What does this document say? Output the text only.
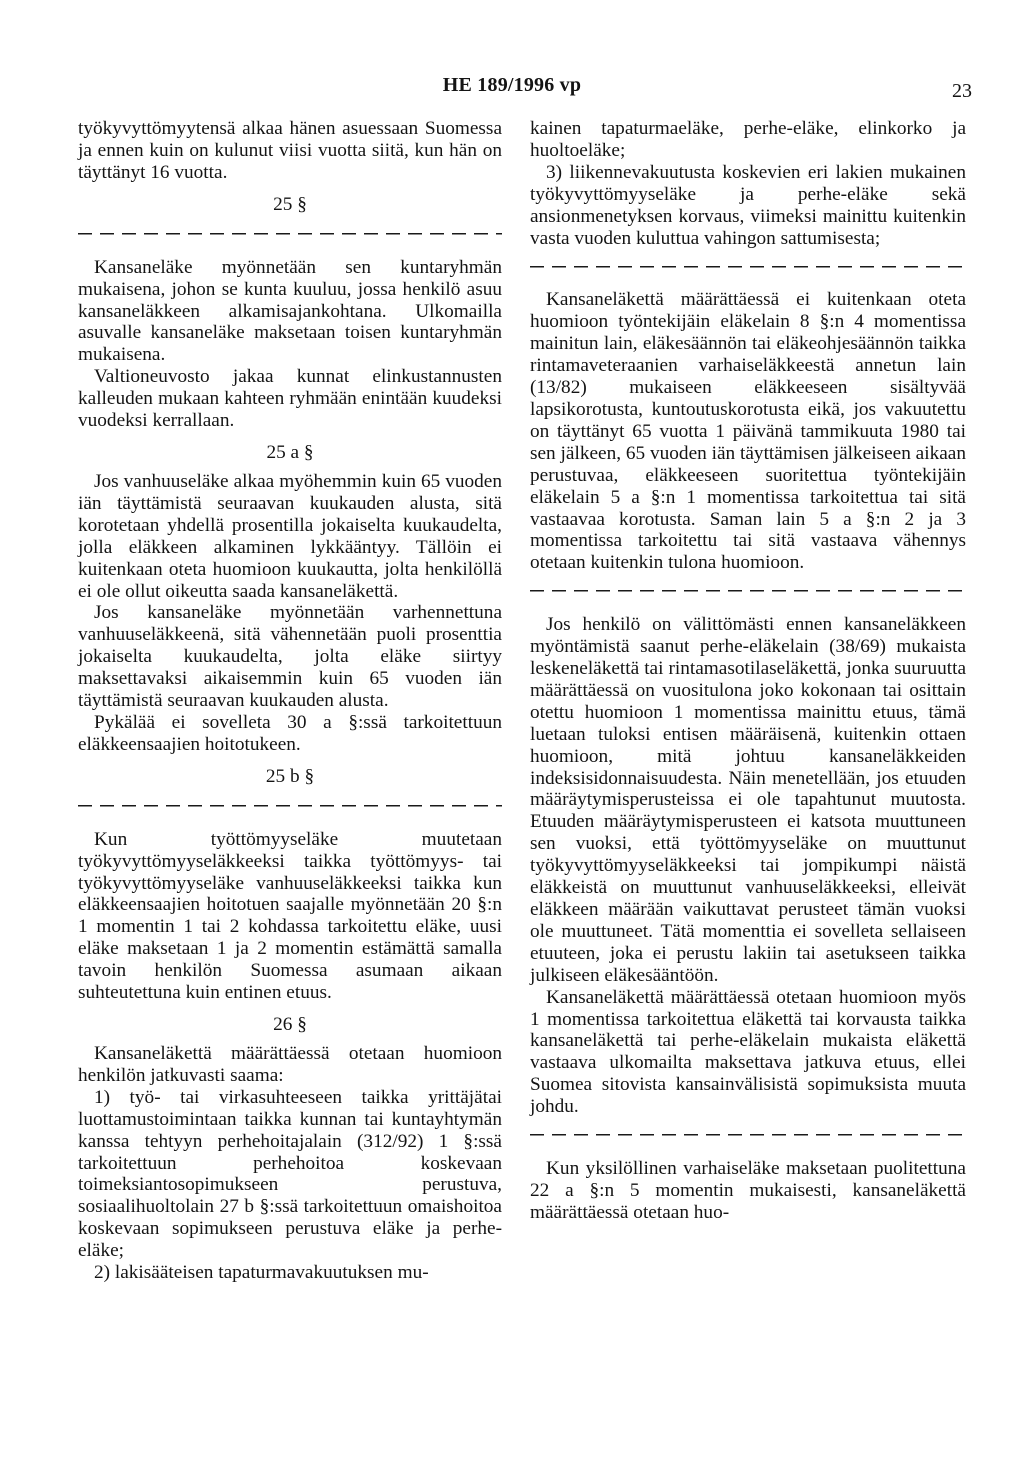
HE 189/1996 vp	23

työkyvyttömyytensä alkaa hänen asuessaan Suomessa ja ennen kuin on kulunut viisi vuotta siitä, kun hän on täyttänyt 16 vuotta.

25 §

Kansaneläke myönnetään sen kuntaryhmän mukaisena, johon se kunta kuuluu, jossa henkilö asuu kansaneläkkeen alkamisajankohtana. Ulkomailla asuvalle kansaneläke maksetaan toisen kuntaryhmän mukaisena.

Valtioneuvosto jakaa kunnat elinkustannusten kalleuden mukaan kahteen ryhmään enintään kuudeksi vuodeksi kerrallaan.

25 a §

Jos vanhuuseläke alkaa myöhemmin kuin 65 vuoden iän täyttämistä seuraavan kuukauden alusta, sitä korotetaan yhdellä prosentilla jokaiselta kuukaudelta, jolla eläkkeen alkaminen lykkääntyy. Tällöin ei kuitenkaan oteta huomioon kuukautta, jolta henkilöllä ei ole ollut oikeutta saada kansaneläkettä.

Jos kansaneläke myönnetään varhennettuna vanhuuseläkkeenä, sitä vähennetään puoli prosenttia jokaiselta kuukaudelta, jolta eläke siirtyy maksettavaksi aikaisemmin kuin 65 vuoden iän täyttämistä seuraavan kuukauden alusta.

Pykälää ei sovelleta 30 a §:ssä tarkoitettuun eläkkeensaajien hoitotukeen.

25 b §

Kun työttömyyseläke muutetaan työkyvyttömyyseläkkeeksi taikka työttömyys- tai työkyvyttömyyseläke vanhuuseläkkeeksi taikka kun eläkkeensaajien hoitotuen saajalle myönnetään 20 §:n 1 momentin 1 tai 2 kohdassa tarkoitettu eläke, uusi eläke maksetaan 1 ja 2 momentin estämättä samalla tavoin henkilön Suomessa asumaan aikaan suhteutettuna kuin entinen etuus.

26 §

Kansaneläkettä määrättäessä otetaan huomioon henkilön jatkuvasti saama:

1) työ- tai virkasuhteeseen taikka yrittäjätai luottamustoimintaan taikka kunnan tai kuntayhtymän kanssa tehtyyn perhehoitajalain (312/92) 1 §:ssä tarkoitettuun perhehoitoa koskevaan toimeksiantosopimukseen perustuva, sosiaalihuoltolain 27 b §:ssä tarkoitettuun omaishoitoa koskevaan sopimukseen perustuva eläke ja perhe-eläke;

2) lakisääteisen tapaturmavakuutuksen mu-

kainen tapaturmaeläke, perhe-eläke, elinkorko ja huoltoeläke;

3) liikennevakuutusta koskevien eri lakien mukainen työkyvyttömyyseläke ja perhe-eläke sekä ansionmenetyksen korvaus, viimeksi mainittu kuitenkin vasta vuoden kuluttua vahingon sattumisesta;

Kansaneläkettä määrättäessä ei kuitenkaan oteta huomioon työntekijäin eläkelain 8 §:n 4 momentissa mainitun lain, eläkesäännön tai eläkeohjesäännön taikka rintamaveteraanien varhaiseläkkeestä annetun lain (13/82) mukaiseen eläkkeeseen sisältyvää lapsikorotusta, kuntoutuskorotusta eikä, jos vakuutettu on täyttänyt 65 vuotta 1 päivänä tammikuuta 1980 tai sen jälkeen, 65 vuoden iän täyttämisen jälkeiseen aikaan perustuvaa, eläkkeeseen suoritettua työntekijäin eläkelain 5 a §:n 1 momentissa tarkoitettua tai sitä vastaavaa korotusta. Saman lain 5 a §:n 2 ja 3 momentissa tarkoitettu tai sitä vastaava vähennys otetaan kuitenkin tulona huomioon.

Jos henkilö on välittömästi ennen kansaneläkkeen myöntämistä saanut perhe-eläkelain (38/69) mukaista leskeneläkettä tai rintamasotilaseläkettä, jonka suuruutta määrättäessä on vuositulona joko kokonaan tai osittain otettu huomioon 1 momentissa mainittu etuus, tämä luetaan tuloksi entisen määräisenä, kuitenkin ottaen huomioon, mitä johtuu kansaneläkkeiden indeksisidonnaisuudesta. Näin menetellään, jos etuuden määräytymisperusteissa ei ole tapahtunut muutosta. Etuuden määräytymisperusteen ei katsota muuttuneen sen vuoksi, että työttömyyseläke on muuttunut työkyvyttömyyseläkkeeksi tai jompikumpi näistä eläkkeistä on muuttunut vanhuuseläkkeeksi, elleivät eläkkeen määrään vaikuttavat perusteet tämän vuoksi ole muuttuneet. Tätä momenttia ei sovelleta sellaiseen etuuteen, joka ei perustu lakiin tai asetukseen taikka julkiseen eläkesääntöön.

Kansaneläkettä määrättäessä otetaan huomioon myös 1 momentissa tarkoitettua eläkettä tai korvausta taikka kansaneläkettä tai perhe-eläkelain mukaista eläkettä vastaava ulkomailta maksettava jatkuva etuus, ellei Suomea sitovista kansainvälisistä sopimuksista muuta johdu.

Kun yksilöllinen varhaiseläke maksetaan puolitettuna 22 a §:n 5 momentin mukaisesti, kansaneläkettä määrättäessä otetaan huo-
